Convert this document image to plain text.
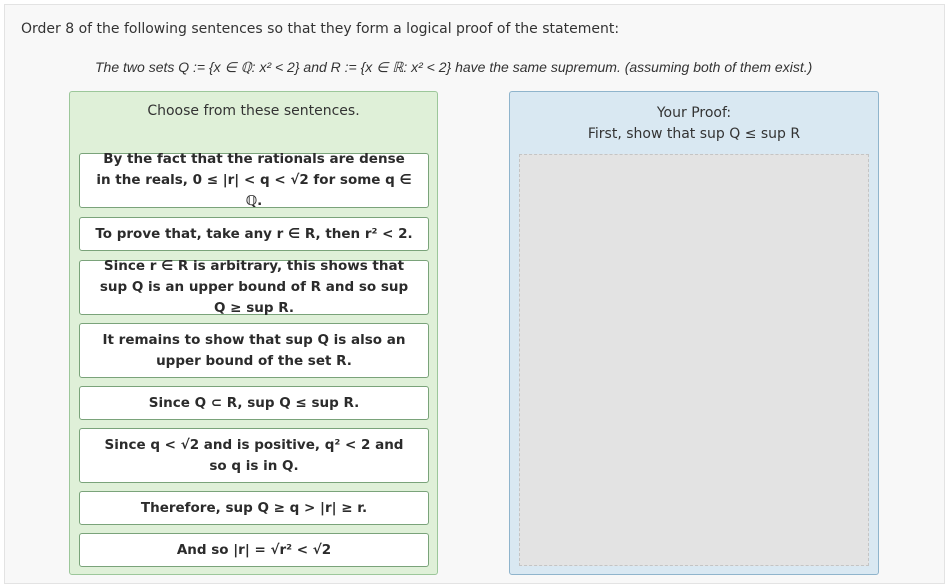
Order 8 of the following sentences so that they form a logical proof of the statement:
The two sets Q := {x ∈ ℚ: x² < 2} and R := {x ∈ ℝ: x² < 2} have the same supremum. (assuming both of them exist.)
Choose from these sentences.
By the fact that the rationals are dense in the reals, 0 ≤ |r| < q < √2 for some q ∈ ℚ.
To prove that, take any r ∈ R, then r² < 2.
Since r ∈ R is arbitrary, this shows that sup Q is an upper bound of R and so sup Q ≥ sup R.
It remains to show that sup Q is also an upper bound of the set R.
Since Q ⊂ R, sup Q ≤ sup R.
Since q < √2 and is positive, q² < 2 and so q is in Q.
Therefore, sup Q ≥ q > |r| ≥ r.
And so |r| = √r² < √2
Your Proof:
First, show that sup Q ≤ sup R
